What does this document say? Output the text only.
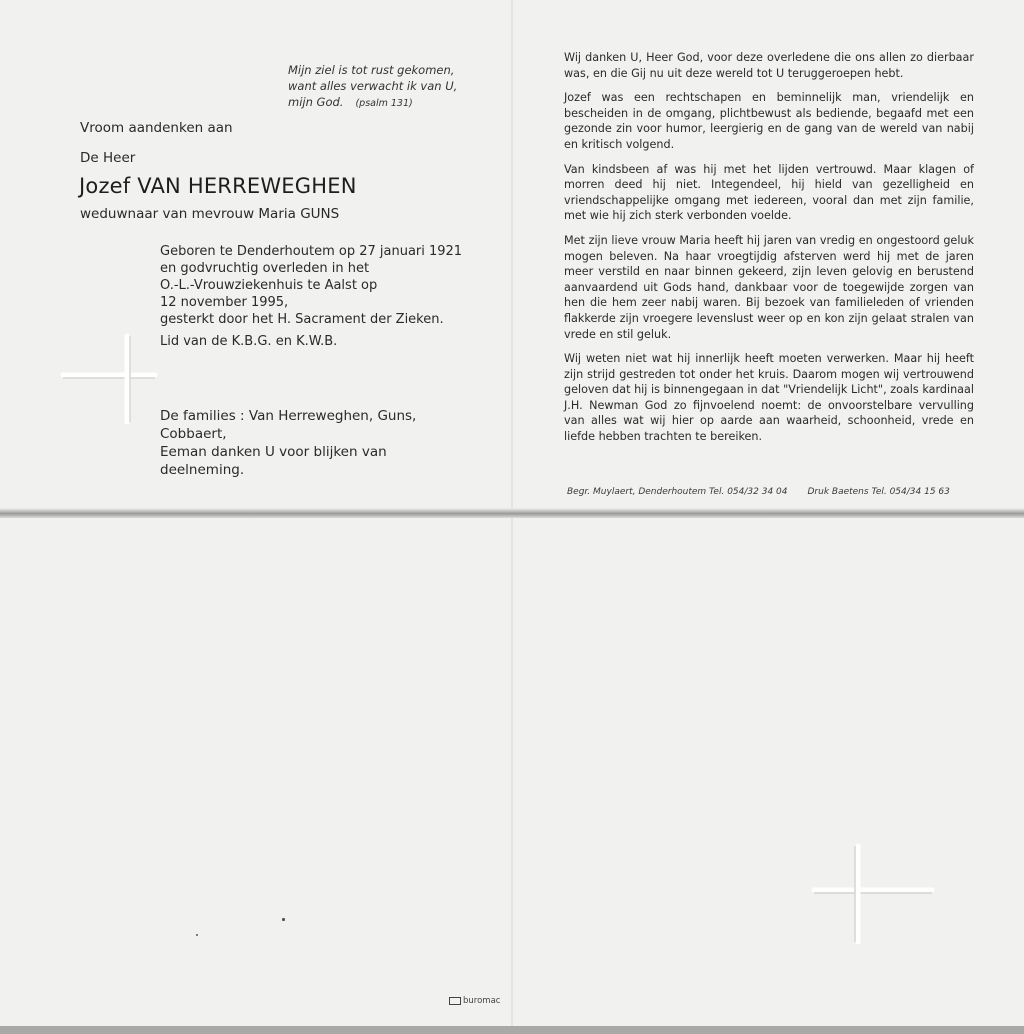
Mijn ziel is tot rust gekomen,
want alles verwacht ik van U,
mijn God. (psalm 131)
Vroom aandenken aan
De Heer
Jozef VAN HERREWEGHEN
weduwnaar van mevrouw Maria GUNS
Geboren te Denderhoutem op 27 januari 1921
en godvruchtig overleden in het
O.-L.-Vrouwziekenhuis te Aalst op
12 november 1995,
gesterkt door het H. Sacrament der Zieken.
Lid van de K.B.G. en K.W.B.
De families : Van Herreweghen, Guns, Cobbaert,
Eeman danken U voor blijken van deelneming.

Wij danken U, Heer God, voor deze overledene die ons allen zo dierbaar was, en die Gij nu uit deze wereld tot U teruggeroepen hebt.

Jozef was een rechtschapen en beminnelijk man, vriendelijk en bescheiden in de omgang, plichtbewust als bediende, begaafd met een gezonde zin voor humor, leergierig en de gang van de wereld van nabij en kritisch volgend.

Van kindsbeen af was hij met het lijden vertrouwd. Maar klagen of morren deed hij niet. Integendeel, hij hield van gezelligheid en vriendschappelijke omgang met iedereen, vooral dan met zijn familie, met wie hij zich sterk verbonden voelde.

Met zijn lieve vrouw Maria heeft hij jaren van vredig en ongestoord geluk mogen beleven. Na haar vroegtijdig afsterven werd hij met de jaren meer verstild en naar binnen gekeerd, zijn leven gelovig en berustend aanvaardend uit Gods hand, dankbaar voor de toegewijde zorgen van hen die hem zeer nabij waren. Bij bezoek van familieleden of vrienden flakkerde zijn vroegere levenslust weer op en kon zijn gelaat stralen van vrede en stil geluk.

Wij weten niet wat hij innerlijk heeft moeten verwerken. Maar hij heeft zijn strijd gestreden tot onder het kruis. Daarom mogen wij vertrouwend geloven dat hij is binnengegaan in dat "Vriendelijk Licht", zoals kardinaal J.H. Newman God zo fijnvoelend noemt: de onvoorstelbare vervulling van alles wat wij hier op aarde aan waarheid, schoonheid, vrede en liefde hebben trachten te bereiken.

Begr. Muylaert, Denderhoutem Tel. 054/32 34 04 Druk Baetens Tel. 054/34 15 63
buromac
